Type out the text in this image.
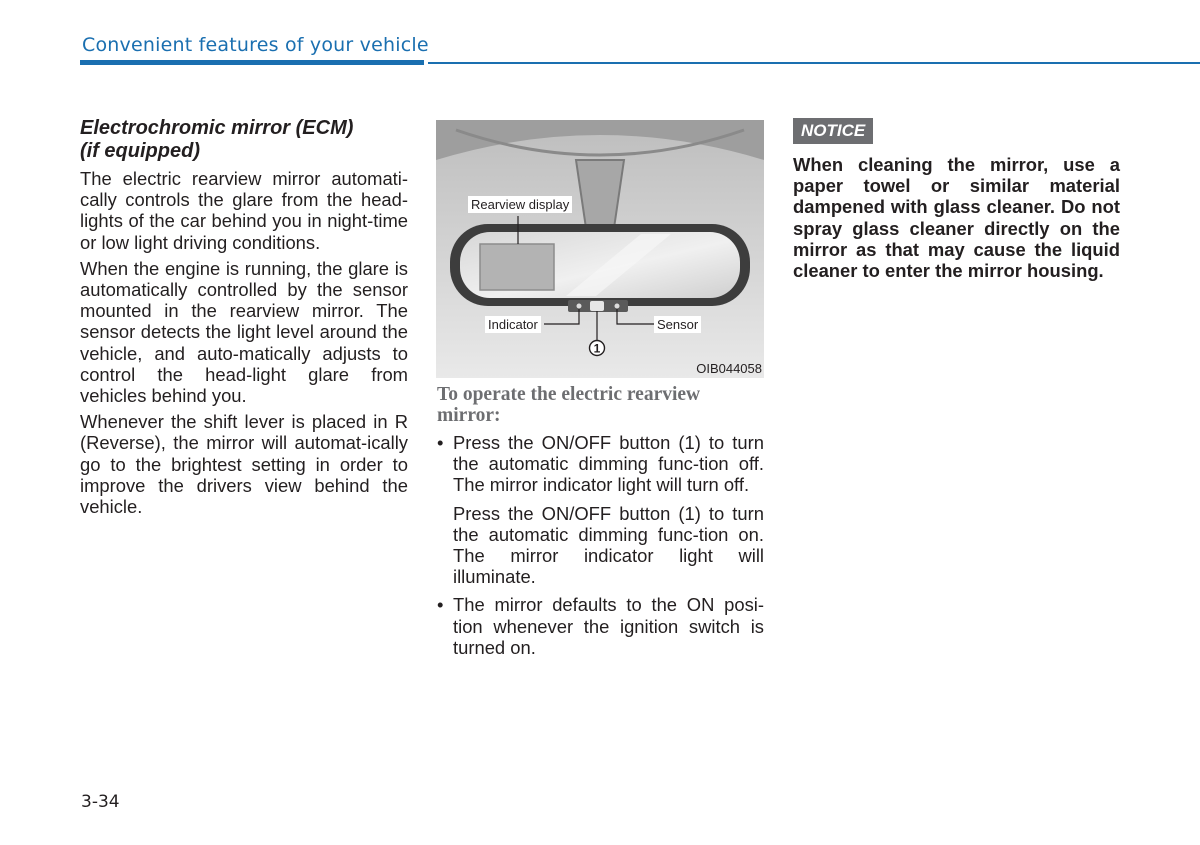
Convenient features of your vehicle
Electrochromic mirror (ECM)
(if equipped)

The electric rearview mirror automati-cally controls the glare from the head-lights of the car behind you in night-time or low light driving conditions.

When the engine is running, the glare is automatically controlled by the sensor mounted in the rearview mirror. The sensor detects the light level around the vehicle, and auto-matically adjusts to control the head-light glare from vehicles behind you.

Whenever the shift lever is placed in R (Reverse), the mirror will automat-ically go to the brightest setting in order to improve the drivers view behind the vehicle.

1
Rearview display
Indicator	Sensor
OIB044058
To operate the electric rearview mirror:
• Press the ON/OFF button (1) to turn the automatic dimming func-tion off. The mirror indicator light will turn off.

Press the ON/OFF button (1) to turn the automatic dimming func-tion on. The mirror indicator light will illuminate.

• The mirror defaults to the ON posi-tion whenever the ignition switch is turned on.

NOTICE

When cleaning the mirror, use a paper towel or similar material dampened with glass cleaner. Do not spray glass cleaner directly on the mirror as that may cause the liquid cleaner to enter the mirror housing.

3-34
